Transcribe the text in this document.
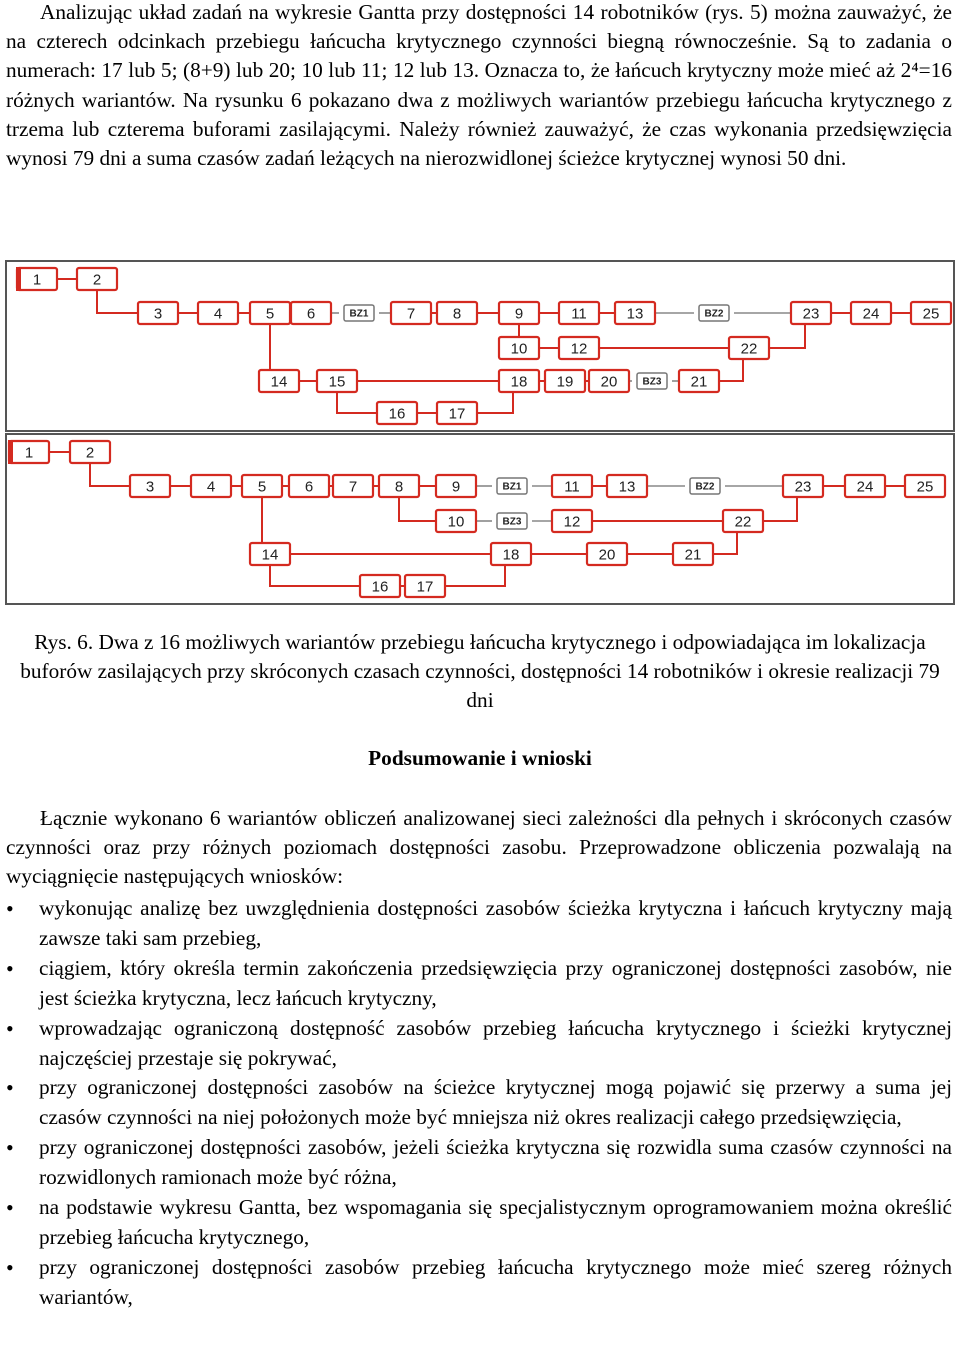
Analizując układ zadań na wykresie Gantta przy dostępności 14 robotników (rys. 5) można zauważyć, że na czterech odcinkach przebiegu łańcucha krytycznego czynności biegną równocześnie. Są to zadania o numerach: 17 lub 5; (8+9) lub 20; 10 lub 11; 12 lub 13. Oznacza to, że łańcuch krytyczny może mieć aż 2⁴=16 różnych wariantów. Na rysunku 6 pokazano dwa z możliwych wariantów przebiegu łańcucha krytycznego z trzema lub czterema buforami zasilającymi. Należy również zauważyć, że czas wykonania przedsięwzięcia wynosi 79 dni a suma czasów zadań leżących na nierozwidlonej ścieżce krytycznej wynosi 50 dni.

1	2
3	4	5 6	BZ1	7	8	9	11	13	BZ2	23	24	25
10	12	22
14	15	18 19 20	BZ3 21
16	17
1	2
3	4	5	6 7	8	9	BZ1	11	13	BZ2	23	24	25
10	BZ3	12	22
14	18	20	21
16 17

Rys. 6. Dwa z 16 możliwych wariantów przebiegu łańcucha krytycznego i odpowiadająca im lokalizacja buforów zasilających przy skróconych czasach czynności, dostępności 14 robotników i okresie realizacji 79 dni

Podsumowanie i wnioski

Łącznie wykonano 6 wariantów obliczeń analizowanej sieci zależności dla pełnych i skróconych czasów czynności oraz przy różnych poziomach dostępności zasobu. Przeprowadzone obliczenia pozwalają na wyciągnięcie następujących wniosków:

• wykonując analizę bez uwzględnienia dostępności zasobów ścieżka krytyczna i łańcuch krytyczny mają zawsze taki sam przebieg,
• ciągiem, który określa termin zakończenia przedsięwzięcia przy ograniczonej dostępności zasobów, nie jest ścieżka krytyczna, lecz łańcuch krytyczny,
• wprowadzając ograniczoną dostępność zasobów przebieg łańcucha krytycznego i ścieżki krytycznej najczęściej przestaje się pokrywać,
• przy ograniczonej dostępności zasobów na ścieżce krytycznej mogą pojawić się przerwy a suma jej czasów czynności na niej położonych może być mniejsza niż okres realizacji całego przedsięwzięcia,
• przy ograniczonej dostępności zasobów, jeżeli ścieżka krytyczna się rozwidla suma czasów czynności na rozwidlonych ramionach może być różna,
• na podstawie wykresu Gantta, bez wspomagania się specjalistycznym oprogramowaniem można określić przebieg łańcucha krytycznego,
• przy ograniczonej dostępności zasobów przebieg łańcucha krytycznego może mieć szereg różnych wariantów,
